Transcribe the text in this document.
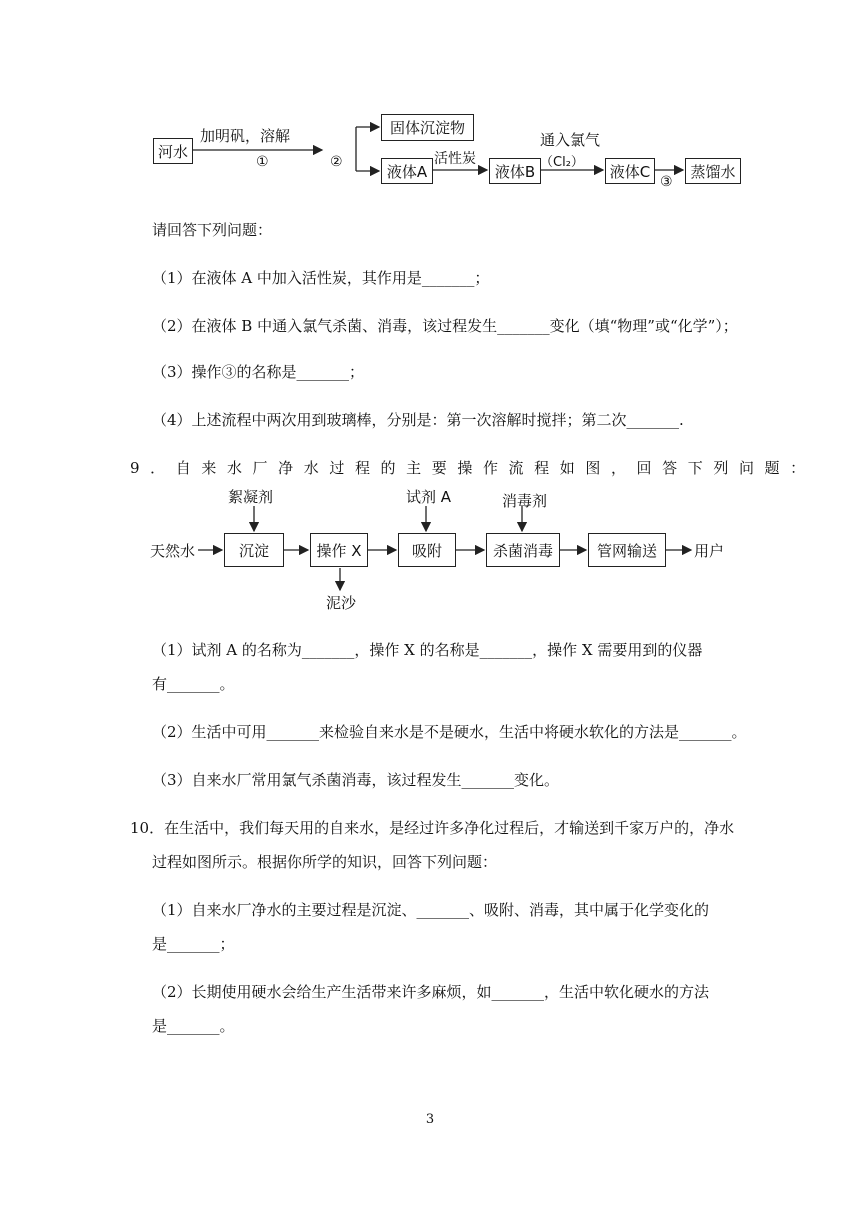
河水
加明矾，溶解
①	②
固体沉淀物
液体A
活性炭
液体B
通入氯气
（Cl₂）	液体C
③
蒸馏水
请回答下列问题：
（1）在液体 A 中加入活性炭，其作用是_______；
（2）在液体 B 中通入氯气杀菌、消毒，该过程发生_______变化（填“物理”或“化学”）；
（3）操作③的名称是_______；
（4）上述流程中两次用到玻璃棒，分别是：第一次溶解时搅拌；第二次_______.
9．自来水厂净水过程的主要操作流程如图，回答下列问题：
天然水
絮凝剂
沉淀	操作 X
泥沙
试剂 A
吸附
消毒剂
杀菌消毒	管网输送	用户
（1）试剂 A 的名称为_______，操作 X 的名称是_______，操作 X 需要用到的仪器
有_______。
（2）生活中可用_______来检验自来水是不是硬水，生活中将硬水软化的方法是_______。
（3）自来水厂常用氯气杀菌消毒，该过程发生_______变化。
10．在生活中，我们每天用的自来水，是经过许多净化过程后，才输送到千家万户的，净水
过程如图所示。根据你所学的知识，回答下列问题：
（1）自来水厂净水的主要过程是沉淀、_______、吸附、消毒，其中属于化学变化的
是_______；
（2）长期使用硬水会给生产生活带来许多麻烦，如_______，生活中软化硬水的方法
是_______。
3
